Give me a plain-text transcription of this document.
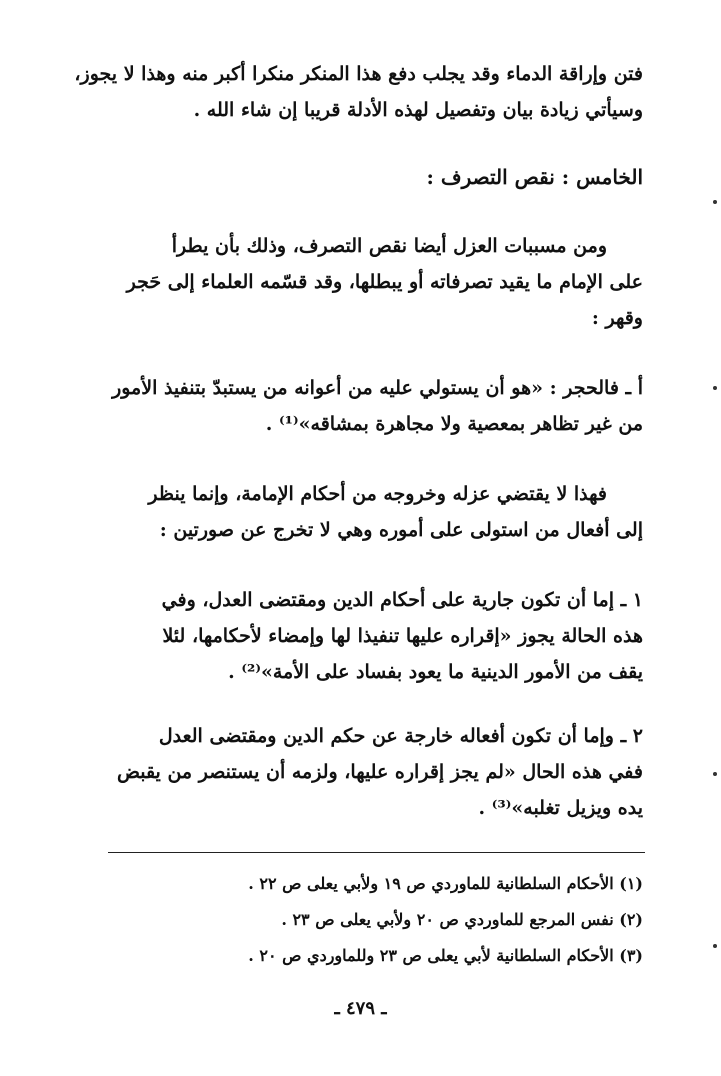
فتن وإراقة الدماء وقد يجلب دفع هذا المنكر منكرا أكبر منه وهذا لا يجوز،
وسيأتي زيادة بيان وتفصيل لهذه الأدلة قريبا إن شاء الله .
الخامس : نقص التصرف :
ومن مسببات العزل أيضا نقص التصرف، وذلك بأن يطرأ
على الإمام ما يقيد تصرفاته أو يبطلها، وقد قسّمه العلماء إلى حَجر
وقهر :
أ ـ فالحجر : «هو أن يستولي عليه من أعوانه من يستبدّ بتنفيذ الأمور
من غير تظاهر بمعصية ولا مجاهرة بمشاقه»⁽¹⁾ .
فهذا لا يقتضي عزله وخروجه من أحكام الإمامة، وإنما ينظر
إلى أفعال من استولى على أموره وهي لا تخرج عن صورتين :
١ ـ إما أن تكون جارية على أحكام الدين ومقتضى العدل، وفي
هذه الحالة يجوز «إقراره عليها تنفيذا لها وإمضاء لأحكامها، لئلا
يقف من الأمور الدينية ما يعود بفساد على الأمة»⁽²⁾ .
٢ ـ وإما أن تكون أفعاله خارجة عن حكم الدين ومقتضى العدل
ففي هذه الحال «لم يجز إقراره عليها، ولزمه أن يستنصر من يقبض
يده ويزيل تغلبه»⁽³⁾ .
(١) الأحكام السلطانية للماوردي ص ١٩ ولأبي يعلى ص ٢٢ .
(٢) نفس المرجع للماوردي ص ٢٠ ولأبي يعلى ص ٢٣ .
(٣) الأحكام السلطانية لأبي يعلى ص ٢٣ وللماوردي ص ٢٠ .
ـ ٤٧٩ ـ
